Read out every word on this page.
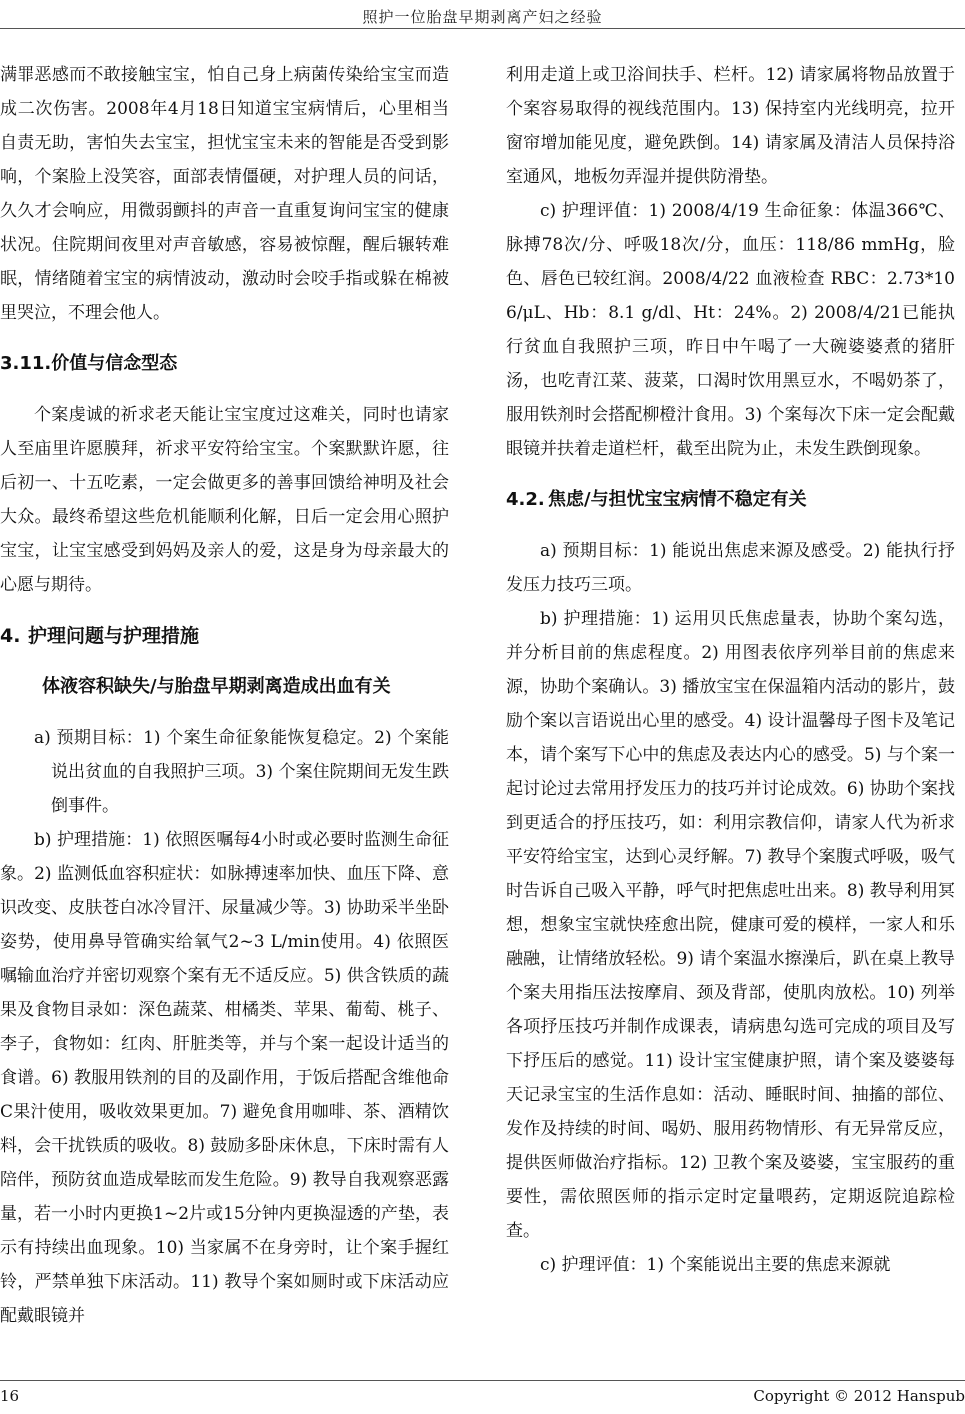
照护一位胎盘早期剥离产妇之经验

满罪恶感而不敢接触宝宝，怕自己身上病菌传染给宝宝而造成二次伤害。2008年4月18日知道宝宝病情后，心里相当自责无助，害怕失去宝宝，担忧宝宝未来的智能是否受到影响，个案脸上没笑容，面部表情僵硬，对护理人员的问话，久久才会响应，用微弱颤抖的声音一直重复询问宝宝的健康状况。住院期间夜里对声音敏感，容易被惊醒，醒后辗转难眠，情绪随着宝宝的病情波动，激动时会咬手指或躲在棉被里哭泣，不理会他人。

3.11.价值与信念型态

个案虔诚的祈求老天能让宝宝度过这难关，同时也请家人至庙里许愿膜拜，祈求平安符给宝宝。个案默默许愿，往后初一、十五吃素，一定会做更多的善事回馈给神明及社会大众。最终希望这些危机能顺利化解，日后一定会用心照护宝宝，让宝宝感受到妈妈及亲人的爱，这是身为母亲最大的心愿与期待。

4. 护理问题与护理措施
体液容积缺失/与胎盘早期剥离造成出血有关

a) 预期目标：1) 个案生命征象能恢复稳定。2) 个案能说出贫血的自我照护三项。3) 个案住院期间无发生跌倒事件。

b) 护理措施：1) 依照医嘱每4小时或必要时监测生命征象。2) 监测低血容积症状：如脉搏速率加快、血压下降、意识改变、皮肤苍白冰冷冒汗、尿量减少等。3) 协助采半坐卧姿势，使用鼻导管确实给氧气2~3 L/min使用。4) 依照医嘱输血治疗并密切观察个案有无不适反应。5) 供含铁质的蔬果及食物目录如：深色蔬菜、柑橘类、苹果、葡萄、桃子、李子，食物如：红肉、肝脏类等，并与个案一起设计适当的食谱。6) 教服用铁剂的目的及副作用，于饭后搭配含维他命C果汁使用，吸收效果更加。7) 避免食用咖啡、茶、酒精饮料，会干扰铁质的吸收。8) 鼓励多卧床休息，下床时需有人陪伴，预防贫血造成晕眩而发生危险。9) 教导自我观察恶露量，若一小时内更换1~2片或15分钟内更换湿透的产垫，表示有持续出血现象。10) 当家属不在身旁时，让个案手握红铃，严禁单独下床活动。11) 教导个案如厕时或下床活动应配戴眼镜并

利用走道上或卫浴间扶手、栏杆。12) 请家属将物品放置于个案容易取得的视线范围内。13) 保持室内光线明亮，拉开窗帘增加能见度，避免跌倒。14) 请家属及清洁人员保持浴室通风，地板勿弄湿并提供防滑垫。

c) 护理评值：1) 2008/4/19 生命征象：体温366℃、脉搏78次/分、呼吸18次/分，血压：118/86 mmHg，脸色、唇色已较红润。2008/4/22 血液检查 RBC：2.73*106/μL、Hb：8.1 g/dl、Ht：24%。2) 2008/4/21已能执行贫血自我照护三项，昨日中午喝了一大碗婆婆煮的猪肝汤，也吃青江菜、菠菜，口渴时饮用黑豆水，不喝奶茶了，服用铁剂时会搭配柳橙汁食用。3) 个案每次下床一定会配戴眼镜并扶着走道栏杆，截至出院为止，未发生跌倒现象。

4.2. 焦虑/与担忧宝宝病情不稳定有关

a) 预期目标：1) 能说出焦虑来源及感受。2) 能执行抒发压力技巧三项。

b) 护理措施：1) 运用贝氏焦虑量表，协助个案勾选，并分析目前的焦虑程度。2) 用图表依序列举目前的焦虑来源，协助个案确认。3) 播放宝宝在保温箱内活动的影片，鼓励个案以言语说出心里的感受。4) 设计温馨母子图卡及笔记本，请个案写下心中的焦虑及表达内心的感受。5) 与个案一起讨论过去常用抒发压力的技巧并讨论成效。6) 协助个案找到更适合的抒压技巧，如：利用宗教信仰，请家人代为祈求平安符给宝宝，达到心灵纾解。7) 教导个案腹式呼吸，吸气时告诉自己吸入平静，呼气时把焦虑吐出来。8) 教导利用冥想，想象宝宝就快痊愈出院，健康可爱的模样，一家人和乐融融，让情绪放轻松。9) 请个案温水擦澡后，趴在桌上教导个案夫用指压法按摩肩、颈及背部，使肌肉放松。10) 列举各项抒压技巧并制作成课表，请病患勾选可完成的项目及写下抒压后的感觉。11) 设计宝宝健康护照，请个案及婆婆每天记录宝宝的生活作息如：活动、睡眠时间、抽搐的部位、发作及持续的时间、喝奶、服用药物情形、有无异常反应，提供医师做治疗指标。12) 卫教个案及婆婆，宝宝服药的重要性，需依照医师的指示定时定量喂药，定期返院追踪检查。

c) 护理评值：1) 个案能说出主要的焦虑来源就

16	Copyright © 2012 Hanspub
